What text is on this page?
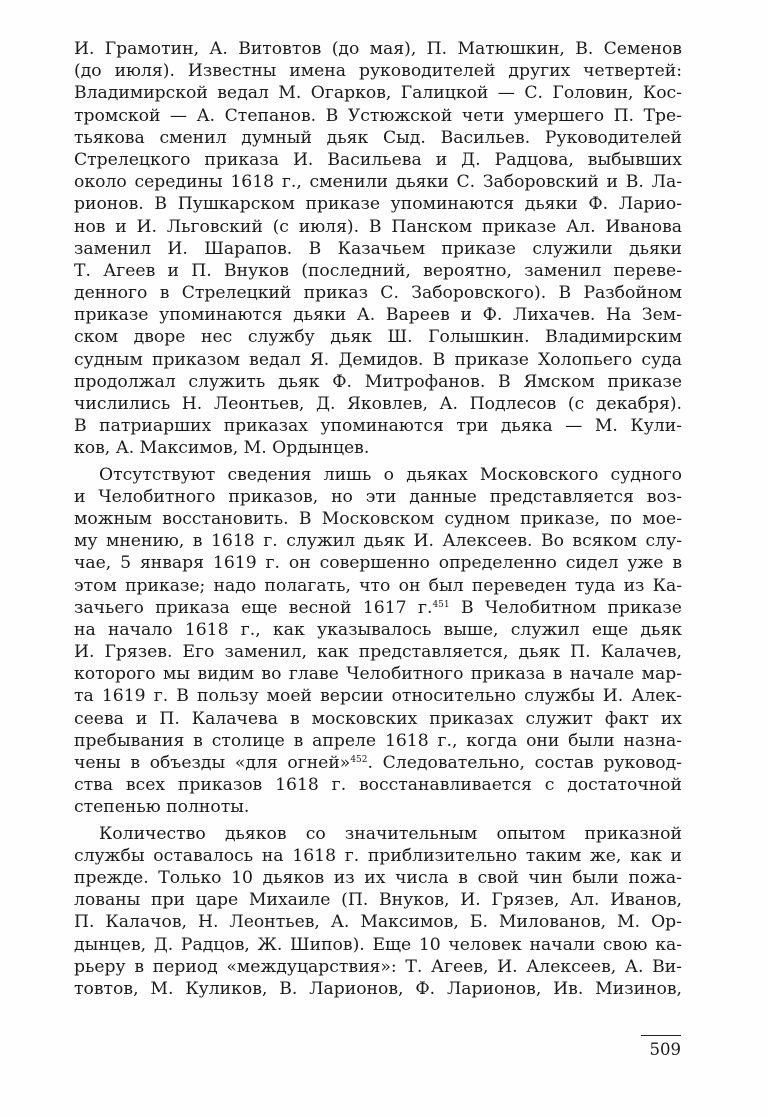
И. Грамотин, А. Витовтов (до мая), П. Матюшкин, В. Семенов
(до июля). Известны имена руководителей других четвертей:
Владимирской ведал М. Огарков, Галицкой — С. Головин, Кос-
тромской — А. Степанов. В Устюжской чети умершего П. Тре-
тьякова сменил думный дьяк Сыд. Васильев. Руководителей
Стрелецкого приказа И. Васильева и Д. Радцова, выбывших
около середины 1618 г., сменили дьяки С. Заборовский и В. Ла-
рионов. В Пушкарском приказе упоминаются дьяки Ф. Ларио-
нов и И. Льговский (с июля). В Панском приказе Ал. Иванова
заменил И. Шарапов. В Казачьем приказе служили дьяки
Т. Агеев и П. Внуков (последний, вероятно, заменил переве-
денного в Стрелецкий приказ С. Заборовского). В Разбойном
приказе упоминаются дьяки А. Вареев и Ф. Лихачев. На Зем-
ском дворе нес службу дьяк Ш. Голышкин. Владимирским
судным приказом ведал Я. Демидов. В приказе Холопьего суда
продолжал служить дьяк Ф. Митрофанов. В Ямском приказе
числились Н. Леонтьев, Д. Яковлев, А. Подлесов (с декабря).
В патриарших приказах упоминаются три дьяка — М. Кули-
ков, А. Максимов, М. Ордынцев.
Отсутствуют сведения лишь о дьяках Московского судного
и Челобитного приказов, но эти данные представляется воз-
можным восстановить. В Московском судном приказе, по моe-
му мнению, в 1618 г. служил дьяк И. Алексеев. Во всяком слу-
чае, 5 января 1619 г. он совершенно определенно сидел уже в
этом приказе; надо полагать, что он был переведен туда из Ка-
зачьего приказа еще весной 1617 г.$^{451}$ В Челобитном приказе
на начало 1618 г., как указывалось выше, служил еще дьяк
И. Грязев. Его заменил, как представляется, дьяк П. Калачев,
которого мы видим во главе Челобитного приказа в начале мар-
та 1619 г. В пользу моей версии относительно службы И. Алек-
сеева и П. Калачева в московских приказах служит факт их
пребывания в столице в апреле 1618 г., когда они были назна-
чены в объезды «для огней»$^{452}$. Следовательно, состав руковод-
ства всех приказов 1618 г. восстанавливается с достаточной
степенью полноты.
Количество дьяков со значительным опытом приказной
службы оставалось на 1618 г. приблизительно таким же, как и
прежде. Только 10 дьяков из их числа в свой чин были пожа-
лованы при царе Михаиле (П. Внуков, И. Грязев, Ал. Иванов,
П. Калачов, Н. Леонтьев, А. Максимов, Б. Милованов, М. Ор-
дынцев, Д. Радцов, Ж. Шипов). Еще 10 человек начали свою ка-
рьеру в период «междуцарствия»: Т. Агеев, И. Алексеев, А. Ви-
товтов, М. Куликов, В. Ларионов, Ф. Ларионов, Ив. Мизинов,
509
